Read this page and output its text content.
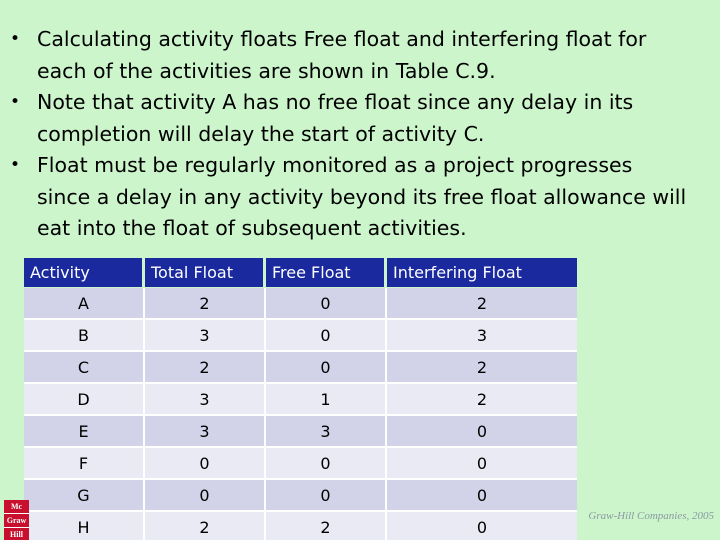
• Calculating activity floats Free float and interfering float for each of the activities are shown in Table C.9.
• Note that activity A has no free float since any delay in its completion will delay the start of activity C.
• Float must be regularly monitored as a project progresses since a delay in any activity beyond its free float allowance will eat into the float of subsequent activities.
Activity	Total Float	Free Float	Interfering Float
A	2	0	2
B	3	0	3
C	2	0	2
D	3	1	2
E	3	3	0
F	0	0	0
G	0	0	0
H	2	2	0
Mc
Graw
Hill
Graw-Hill Companies, 2005
